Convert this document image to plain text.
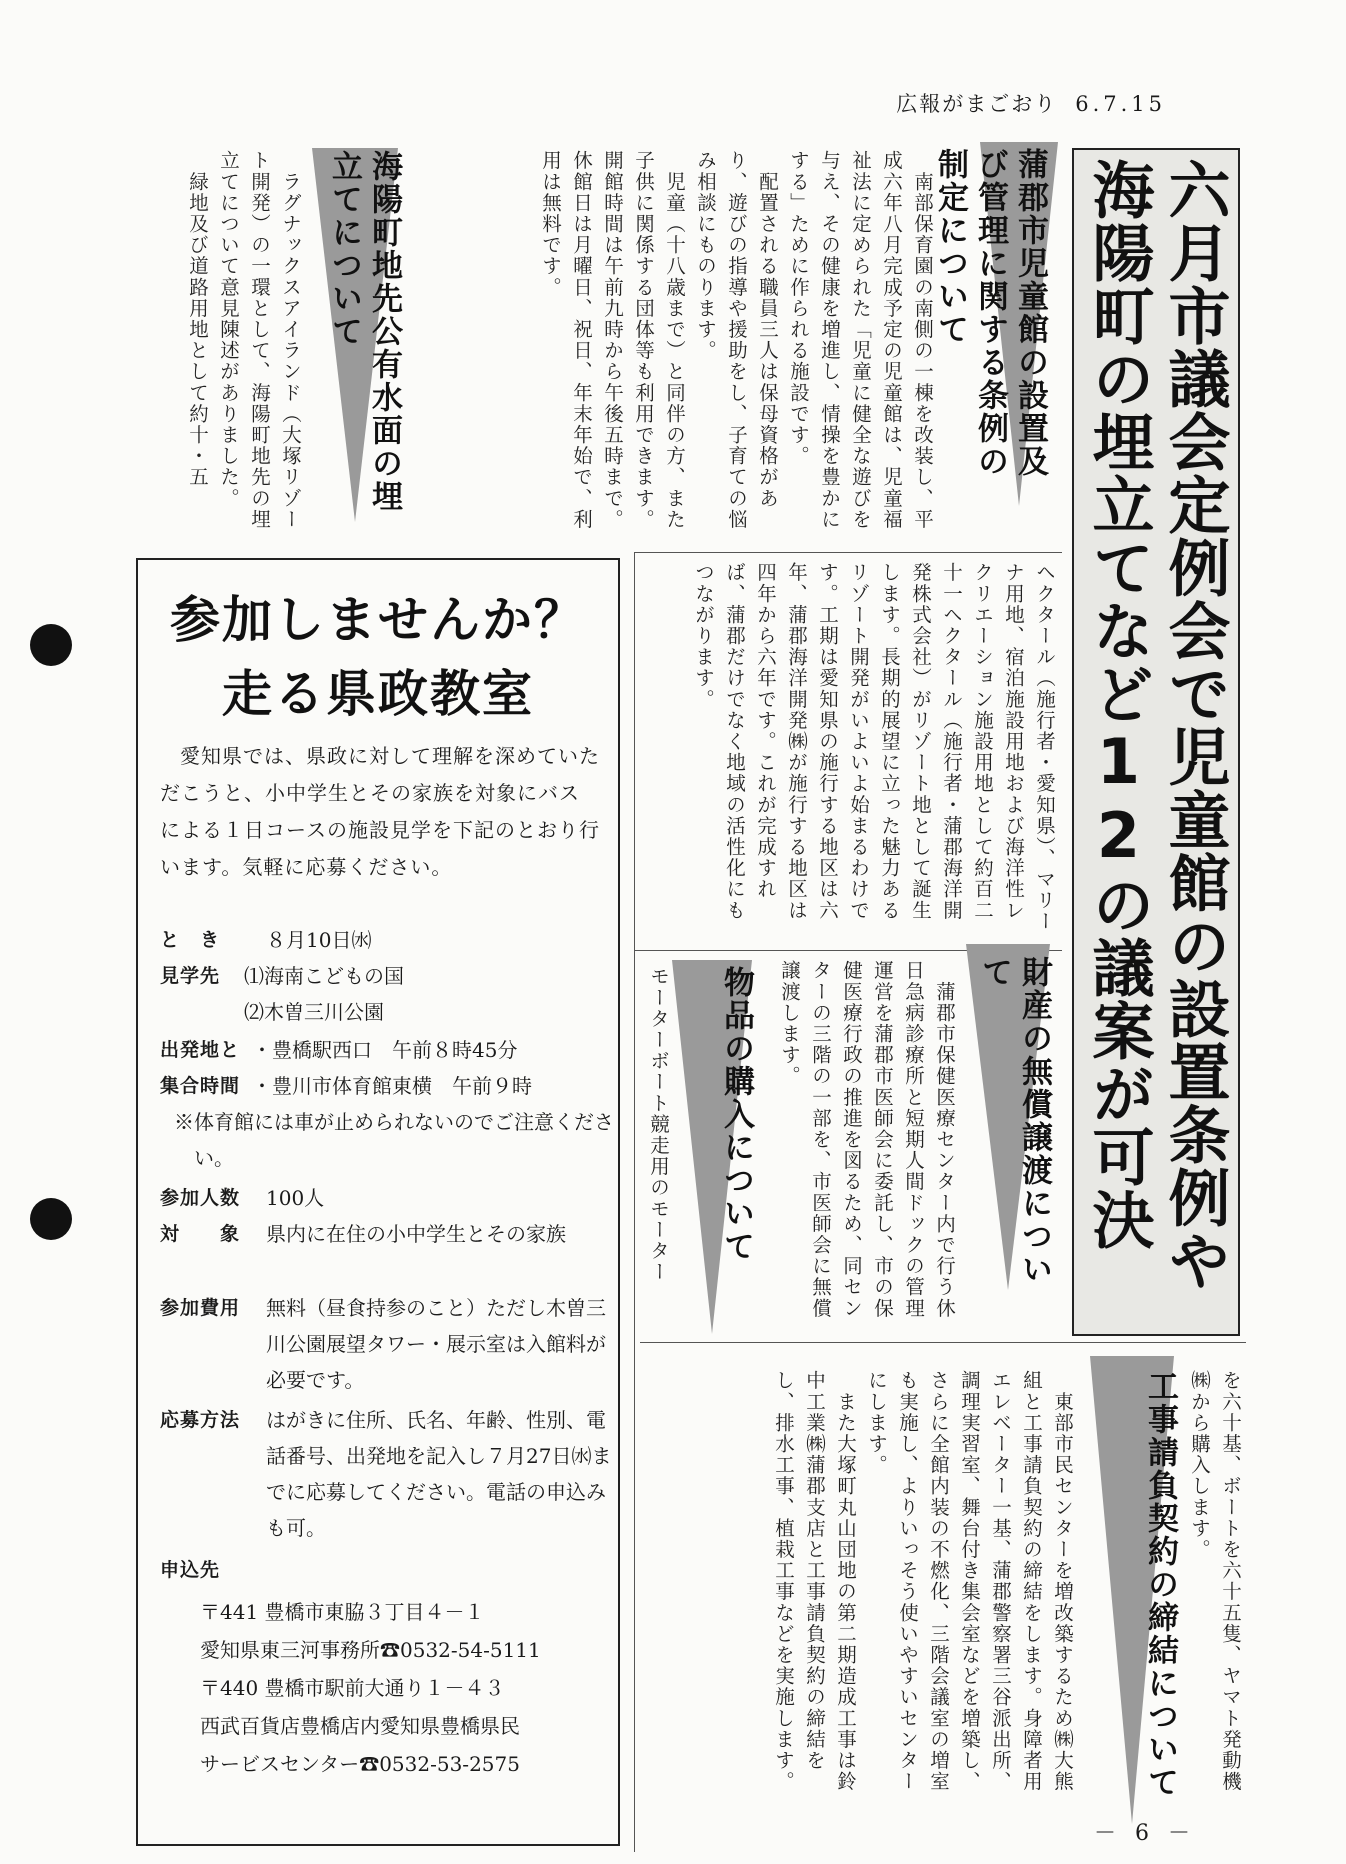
広報がまごおり 6.7.15
六月市議会定例会で児童館の設置条例や海陽町の埋立てなど12の議案が可決
蒲郡市児童館の設置及び管理に関する条例の制定について
　南部保育園の南側の一棟を改装し、平成六年八月完成予定の児童館は、児童福祉法に定められた「児童に健全な遊びを与え、その健康を増進し、情操を豊かにする」ために作られる施設です。
　配置される職員三人は保母資格があり、遊びの指導や援助をし、子育ての悩み相談にものります。
　児童（十八歳まで）と同伴の方、また子供に関係する団体等も利用できます。開館時間は午前九時から午後五時まで。休館日は月曜日、祝日、年末年始で、利用は無料です。
海陽町地先公有水面の埋立てについて
　ラグナックスアイランド（大塚リゾート開発）の一環として、海陽町地先の埋立てについて意見陳述がありました。 　緑地及び道路用地として約十・五
ヘクタール（施行者・愛知県）、マリーナ用地、宿泊施設用地および海洋性レクリエーション施設用地として約百二十一ヘクタール（施行者・蒲郡海洋開発株式会社）がリゾート地として誕生します。長期的展望に立った魅力あるリゾート開発がいよいよ始まるわけです。工期は愛知県の施行する地区は六年、蒲郡海洋開発㈱が施行する地区は四年から六年です。これが完成すれば、蒲郡だけでなく地域の活性化にもつながります。
財産の無償譲渡について
　蒲郡市保健医療センター内で行う休日急病診療所と短期人間ドックの管理運営を蒲郡市医師会に委託し、市の保健医療行政の推進を図るため、同センターの三階の一部を、市医師会に無償譲渡します。
物品の購入について
モーターボート競走用のモーター
を六十基、ボートを六十五隻、ヤマト発動機㈱から購入します。
工事請負契約の締結について
　東部市民センターを増改築するため㈱大熊組と工事請負契約の締結をします。身障者用エレベーター一基、蒲郡警察署三谷派出所、調理実習室、舞台付き集会室などを増築し、さらに全館内装の不燃化、三階会議室の増室も実施し、よりいっそう使いやすいセンターにします。
　また大塚町丸山団地の第二期造成工事は鈴中工業㈱蒲郡支店と工事請負契約の締結をし、排水工事、植栽工事などを実施します。
参加しませんか？
走る県政教室
愛知県では、県政に対して理解を深めていただこうと、小中学生とその家族を対象にバスによる１日コースの施設見学を下記のとおり行います。気軽に応募ください。
と　き ８月10日㈬
見学先 ⑴海南こどもの国
⑵木曽三川公園
出発地と ・豊橋駅西口　午前８時45分
集合時間 ・豊川市体育館東横　午前９時
※体育館には車が止められないのでご注意ください。
参加人数 100人
対　　象 県内に在住の小中学生とその家族
参加費用 無料（昼食持参のこと）ただし木曽三川公園展望タワー・展示室は入館料が必要です。
応募方法 はがきに住所、氏名、年齢、性別、電話番号、出発地を記入し７月27日㈬までに応募してください。電話の申込みも可。
申込先
〒441 豊橋市東脇３丁目４－１
愛知県東三河事務所☎0532-54-5111
〒440 豊橋市駅前大通り１－４３
西武百貨店豊橋店内愛知県豊橋県民
サービスセンター☎0532-53-2575
－ 6 －
